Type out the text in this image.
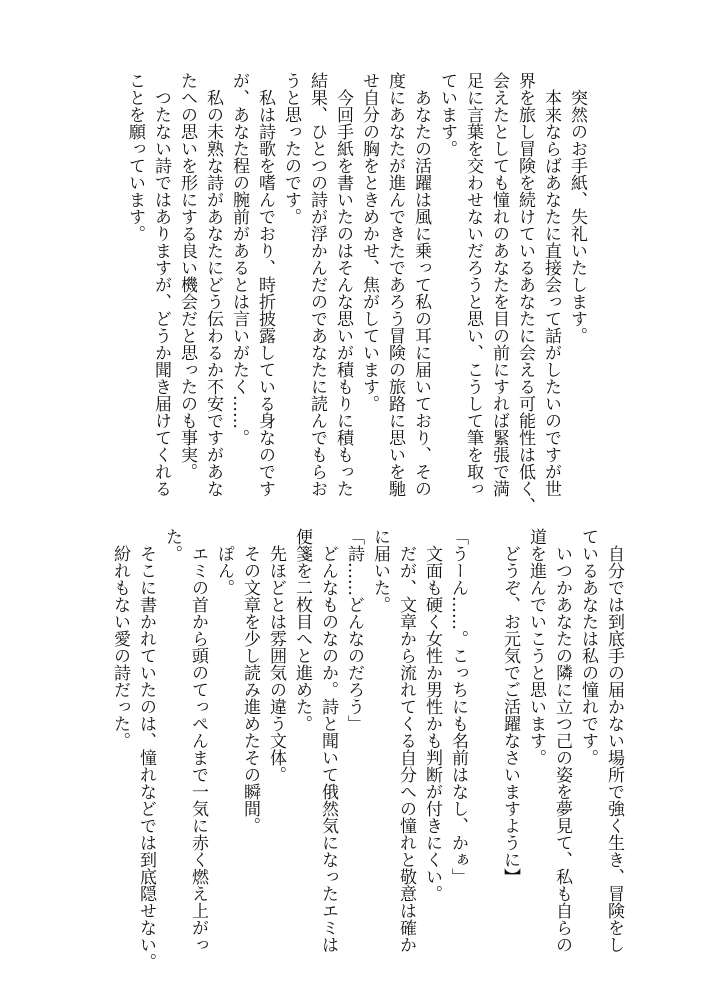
　突然のお手紙、失礼いたします。
　本来ならばあなたに直接会って話がしたいのですが世
界を旅し冒険を続けているあなたに会える可能性は低く、
会えたとしても憧れのあなたを目の前にすれば緊張で満
足に言葉を交わせないだろうと思い、こうして筆を取っ
ています。
　あなたの活躍は風に乗って私の耳に届いており、その
度にあなたが進んできたであろう冒険の旅路に思いを馳
せ自分の胸をときめかせ、焦がしています。
　今回手紙を書いたのはそんな思いが積もりに積もった
結果、ひとつの詩が浮かんだのであなたに読んでもらお
うと思ったのです。
　私は詩歌を嗜んでおり、時折披露している身なのです
が、あなた程の腕前があるとは言いがたく……。
　私の未熟な詩があなたにどう伝わるか不安ですがあな
たへの思いを形にする良い機会だと思ったのも事実。
　つたない詩ではありますが、どうか聞き届けてくれる
ことを願っています。
　自分では到底手の届かない場所で強く生き、冒険をし
ているあなたは私の憧れです。
　いつかあなたの隣に立つ己の姿を夢見て、私も自らの
道を進んでいこうと思います。
　どうぞ、お元気でご活躍なさいますように】

「うーん……。こっちにも名前はなし、かぁ」
　文面も硬く女性か男性かも判断が付きにくい。
　だが、文章から流れてくる自分への憧れと敬意は確か
に届いた。
「詩……どんなのだろう」
　どんなものなのか。詩と聞いて俄然気になったエミは
便箋を二枚目へと進めた。
　先ほどとは雰囲気の違う文体。
　その文章を少し読み進めたその瞬間。
　ぽん。
　エミの首から頭のてっぺんまで一気に赤く燃え上がっ
た。
　そこに書かれていたのは、憧れなどでは到底隠せない。
　紛れもない愛の詩だった。
